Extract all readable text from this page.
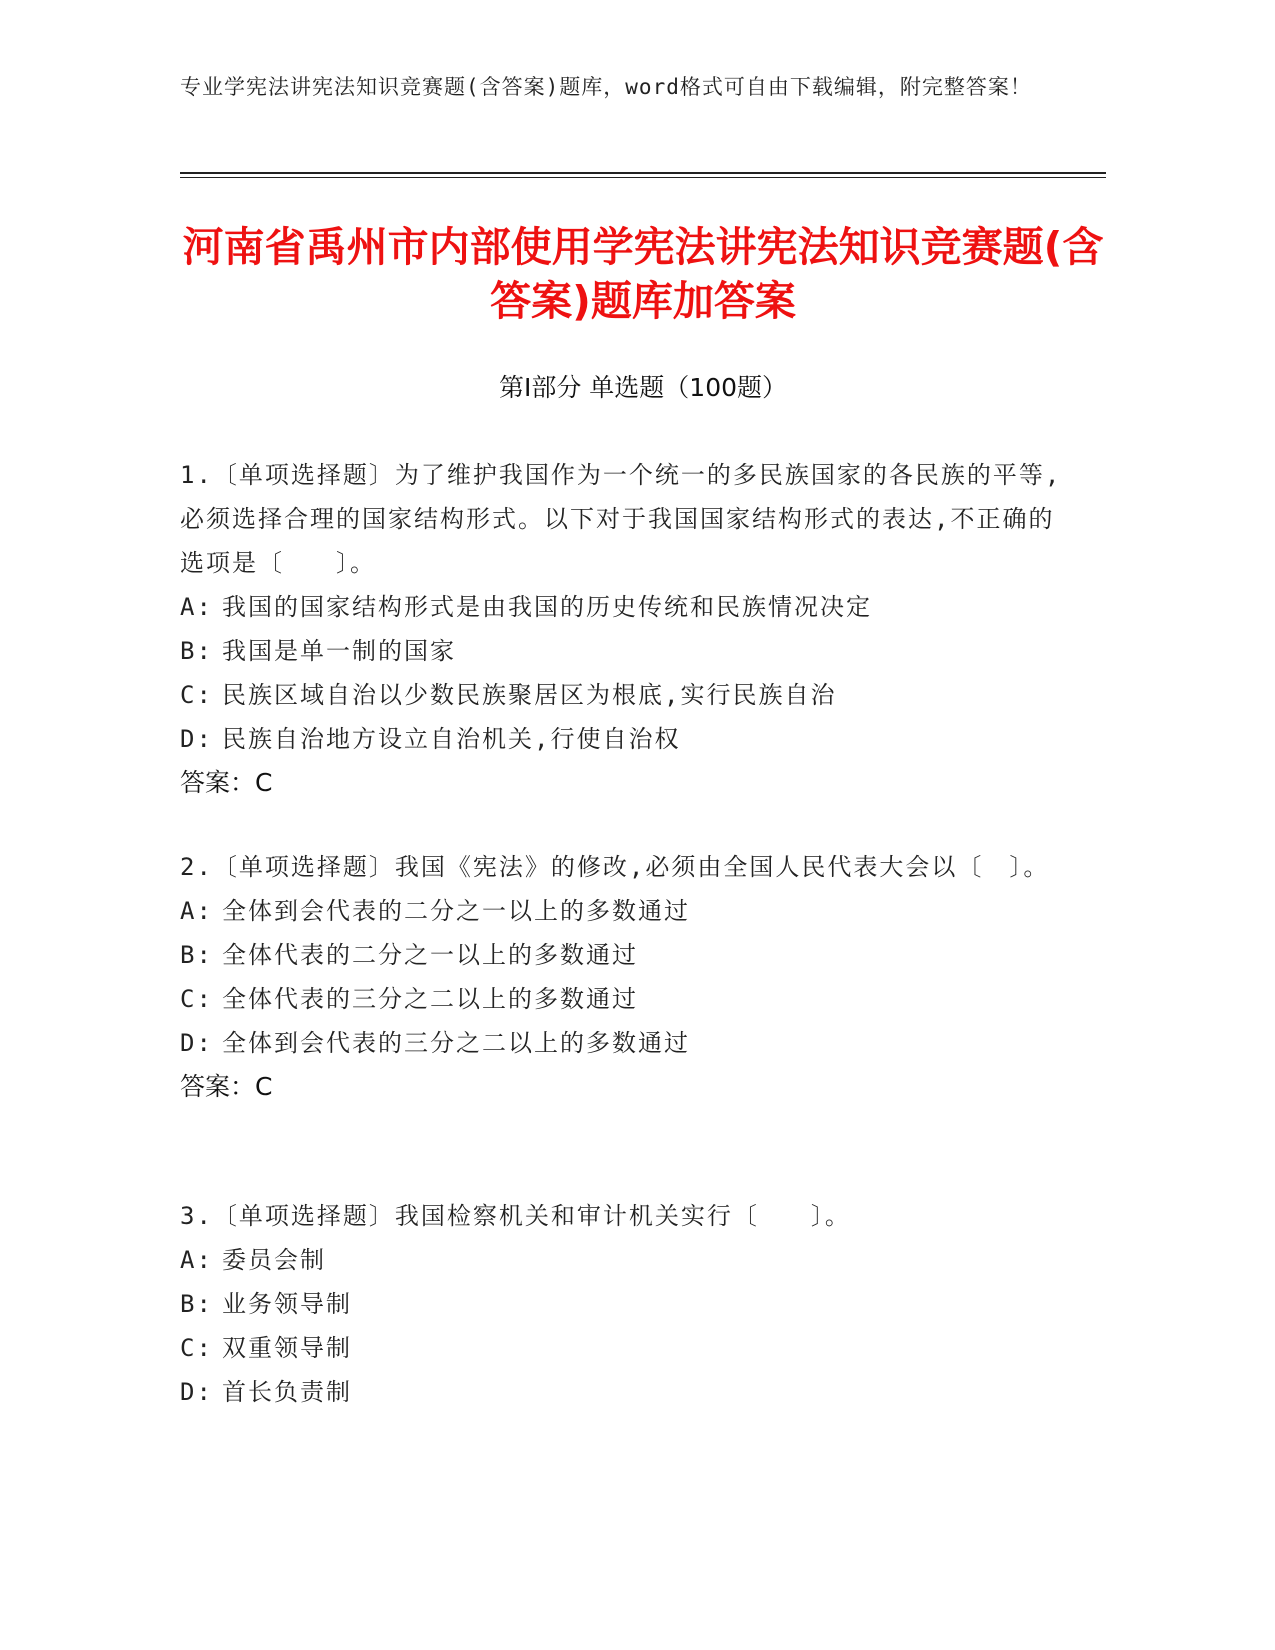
专业学宪法讲宪法知识竞赛题(含答案)题库，word格式可自由下载编辑，附完整答案！
河南省禹州市内部使用学宪法讲宪法知识竞赛题(含答案)题库加答案
第Ⅰ部分 单选题（100题）
1.〔单项选择题〕为了维护我国作为一个统一的多民族国家的各民族的平等,必须选择合理的国家结构形式。以下对于我国国家结构形式的表达,不正确的选项是〔　　〕。
A: 我国的国家结构形式是由我国的历史传统和民族情况决定
B: 我国是单一制的国家
C: 民族区域自治以少数民族聚居区为根底,实行民族自治
D: 民族自治地方设立自治机关,行使自治权
答案：C
2.〔单项选择题〕我国《宪法》的修改,必须由全国人民代表大会以〔　〕。
A: 全体到会代表的二分之一以上的多数通过
B: 全体代表的二分之一以上的多数通过
C: 全体代表的三分之二以上的多数通过
D: 全体到会代表的三分之二以上的多数通过
答案：C
3.〔单项选择题〕我国检察机关和审计机关实行〔　　〕。
A: 委员会制
B: 业务领导制
C: 双重领导制
D: 首长负责制
